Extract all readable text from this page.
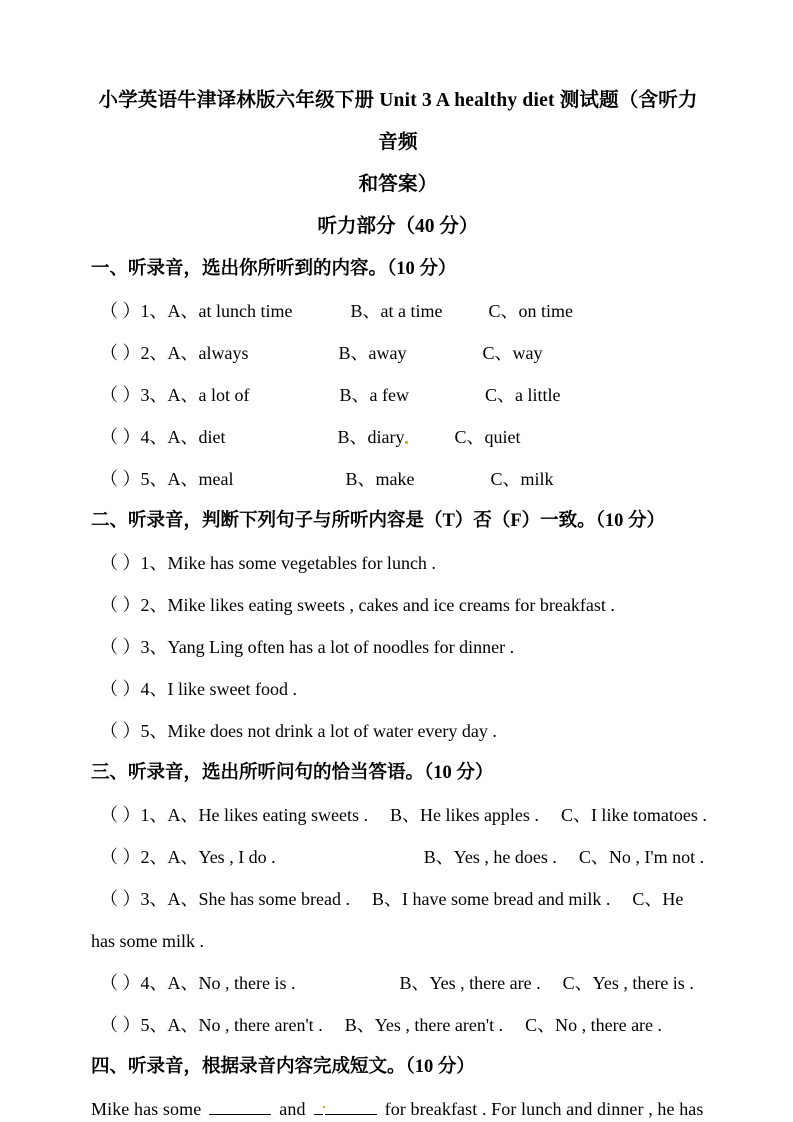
小学英语牛津译林版六年级下册 Unit 3 A healthy diet 测试题（含听力音频
和答案）
听力部分（40 分）
一、听录音，选出你所听到的内容。（10 分）
（ ）1、A、at lunch time	B、at a time	C、on time
（ ）2、A、always	B、away	C、way
（ ）3、A、a lot of	B、a few	C、a little
（ ）4、A、diet	B、diary	C、quiet
（ ）5、A、meal	B、make	C、milk
二、听录音，判断下列句子与所听内容是（T）否（F）一致。（10 分）
（ ）1、Mike has some vegetables for lunch .
（ ）2、Mike likes eating sweets , cakes and ice creams for breakfast .
（ ）3、Yang Ling often has a lot of noodles for dinner .
（ ）4、I like sweet food .
（ ）5、Mike does not drink a lot of water every day .
三、听录音，选出所听问句的恰当答语。（10 分）
（ ）1、A、He likes eating sweets . B、He likes apples . C、I like tomatoes .
（ ）2、A、Yes , I do .	B、Yes , he does . C、No , I'm not .
（ ）3、A、She has some bread . B、I have some bread and milk . C、He
has some milk .
（ ）4、A、No , there is .	B、Yes , there are . C、Yes , there is .
（ ）5、A、No , there aren't . B、Yes , there aren't . C、No , there are .
四、听录音，根据录音内容完成短文。（10 分）
Mike has some	and	for breakfast . For lunch and dinner , he has
